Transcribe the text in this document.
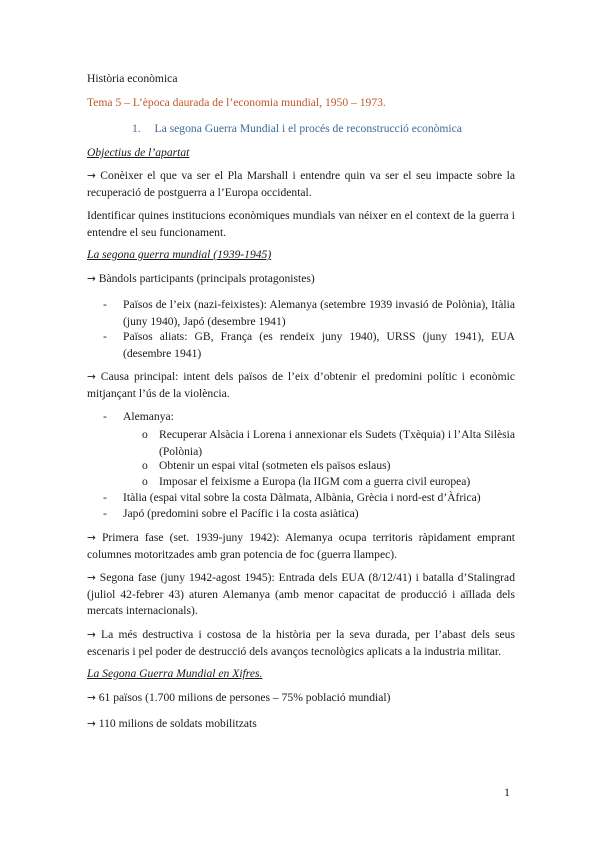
Història econòmica
Tema 5 – L’època daurada de l’economia mundial, 1950 – 1973.
1. La segona Guerra Mundial i el procés de reconstrucció econòmica
Objectius de l’apartat
→ Conèixer el que va ser el Pla Marshall i entendre quin va ser el seu impacte sobre la recuperació de postguerra a l’Europa occidental.
Identificar quines institucions econòmiques mundials van néixer en el context de la guerra i entendre el seu funcionament.
La segona guerra mundial (1939-1945)
→ Bàndols participants (principals protagonistes)
- Països de l’eix (nazi-feixistes): Alemanya (setembre 1939 invasió de Polònia), Itàlia (juny 1940), Japó (desembre 1941)
- Països aliats: GB, França (es rendeix juny 1940), URSS (juny 1941), EUA (desembre 1941)
→ Causa principal: intent dels països de l’eix d’obtenir el predomini polític i econòmic mitjançant l’ús de la violència.
- Alemanya:
o Recuperar Alsàcia i Lorena i annexionar els Sudets (Txèquia) i l’Alta Silèsia (Polònia)
o Obtenir un espai vital (sotmeten els països eslaus)
o Imposar el feixisme a Europa (la IIGM com a guerra civil europea)
- Itàlia (espai vital sobre la costa Dàlmata, Albània, Grècia i nord-est d’Àfrica)
- Japó (predomini sobre el Pacífic i la costa asiàtica)
→ Primera fase (set. 1939-juny 1942): Alemanya ocupa territoris ràpidament emprant columnes motoritzades amb gran potencia de foc (guerra llampec).
→ Segona fase (juny 1942-agost 1945): Entrada dels EUA (8/12/41) i batalla d’Stalingrad (juliol 42-febrer 43) aturen Alemanya (amb menor capacitat de producció i aïllada dels mercats internacionals).
→ La més destructiva i costosa de la història per la seva durada, per l’abast dels seus escenaris i pel poder de destrucció dels avanços tecnològics aplicats a la industria militar.
La Segona Guerra Mundial en Xifres.
→ 61 països (1.700 milions de persones – 75% població mundial)
→ 110 milions de soldats mobilitzats
1
